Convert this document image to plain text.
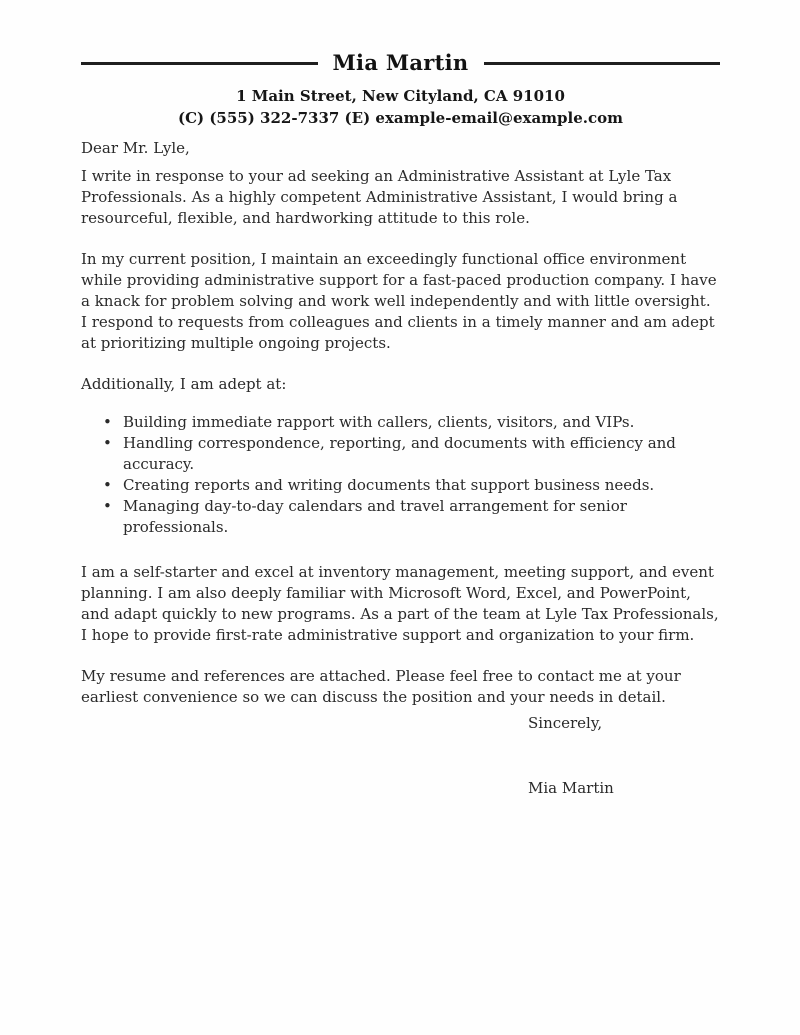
Mia Martin
1 Main Street, New Cityland, CA 91010
(C) (555) 322-7337 (E) example-email@example.com

Dear Mr. Lyle,

I write in response to your ad seeking an Administrative Assistant at Lyle Tax Professionals. As a highly competent Administrative Assistant, I would bring a resourceful, flexible, and hardworking attitude to this role.

In my current position, I maintain an exceedingly functional office environment while providing administrative support for a fast-paced production company. I have a knack for problem solving and work well independently and with little oversight. I respond to requests from colleagues and clients in a timely manner and am adept at prioritizing multiple ongoing projects.

Additionally, I am adept at:

• Building immediate rapport with callers, clients, visitors, and VIPs.
• Handling correspondence, reporting, and documents with efficiency and accuracy.
• Creating reports and writing documents that support business needs.
• Managing day-to-day calendars and travel arrangement for senior professionals.

I am a self-starter and excel at inventory management, meeting support, and event planning. I am also deeply familiar with Microsoft Word, Excel, and PowerPoint, and adapt quickly to new programs. As a part of the team at Lyle Tax Professionals, I hope to provide first-rate administrative support and organization to your firm.

My resume and references are attached. Please feel free to contact me at your earliest convenience so we can discuss the position and your needs in detail.

Sincerely,

Mia Martin
